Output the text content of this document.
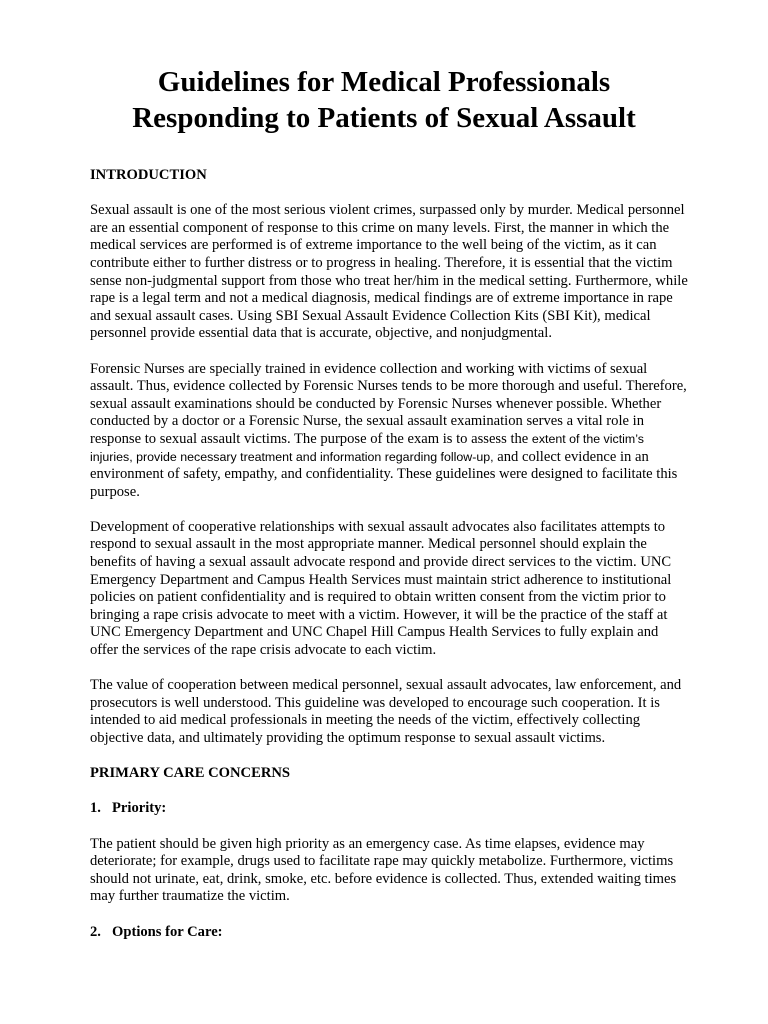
Guidelines for Medical Professionals
Responding to Patients of Sexual Assault

INTRODUCTION

Sexual assault is one of the most serious violent crimes, surpassed only by murder. Medical personnel are an essential component of response to this crime on many levels. First, the manner in which the medical services are performed is of extreme importance to the well being of the victim, as it can contribute either to further distress or to progress in healing. Therefore, it is essential that the victim sense non-judgmental support from those who treat her/him in the medical setting. Furthermore, while rape is a legal term and not a medical diagnosis, medical findings are of extreme importance in rape and sexual assault cases. Using SBI Sexual Assault Evidence Collection Kits (SBI Kit), medical personnel provide essential data that is accurate, objective, and nonjudgmental.

Forensic Nurses are specially trained in evidence collection and working with victims of sexual assault. Thus, evidence collected by Forensic Nurses tends to be more thorough and useful. Therefore, sexual assault examinations should be conducted by Forensic Nurses whenever possible. Whether conducted by a doctor or a Forensic Nurse, the sexual assault examination serves a vital role in response to sexual assault victims. The purpose of the exam is to assess the extent of the victim’s injuries, provide necessary treatment and information regarding follow-up, and collect evidence in an environment of safety, empathy, and confidentiality. These guidelines were designed to facilitate this purpose.

Development of cooperative relationships with sexual assault advocates also facilitates attempts to respond to sexual assault in the most appropriate manner. Medical personnel should explain the benefits of having a sexual assault advocate respond and provide direct services to the victim. UNC Emergency Department and Campus Health Services must maintain strict adherence to institutional policies on patient confidentiality and is required to obtain written consent from the victim prior to bringing a rape crisis advocate to meet with a victim. However, it will be the practice of the staff at UNC Emergency Department and UNC Chapel Hill Campus Health Services to fully explain and offer the services of the rape crisis advocate to each victim.

The value of cooperation between medical personnel, sexual assault advocates, law enforcement, and prosecutors is well understood. This guideline was developed to encourage such cooperation. It is intended to aid medical professionals in meeting the needs of the victim, effectively collecting objective data, and ultimately providing the optimum response to sexual assault victims.

PRIMARY CARE CONCERNS

1. Priority:

The patient should be given high priority as an emergency case. As time elapses, evidence may deteriorate; for example, drugs used to facilitate rape may quickly metabolize. Furthermore, victims should not urinate, eat, drink, smoke, etc. before evidence is collected. Thus, extended waiting times may further traumatize the victim.

2. Options for Care:
